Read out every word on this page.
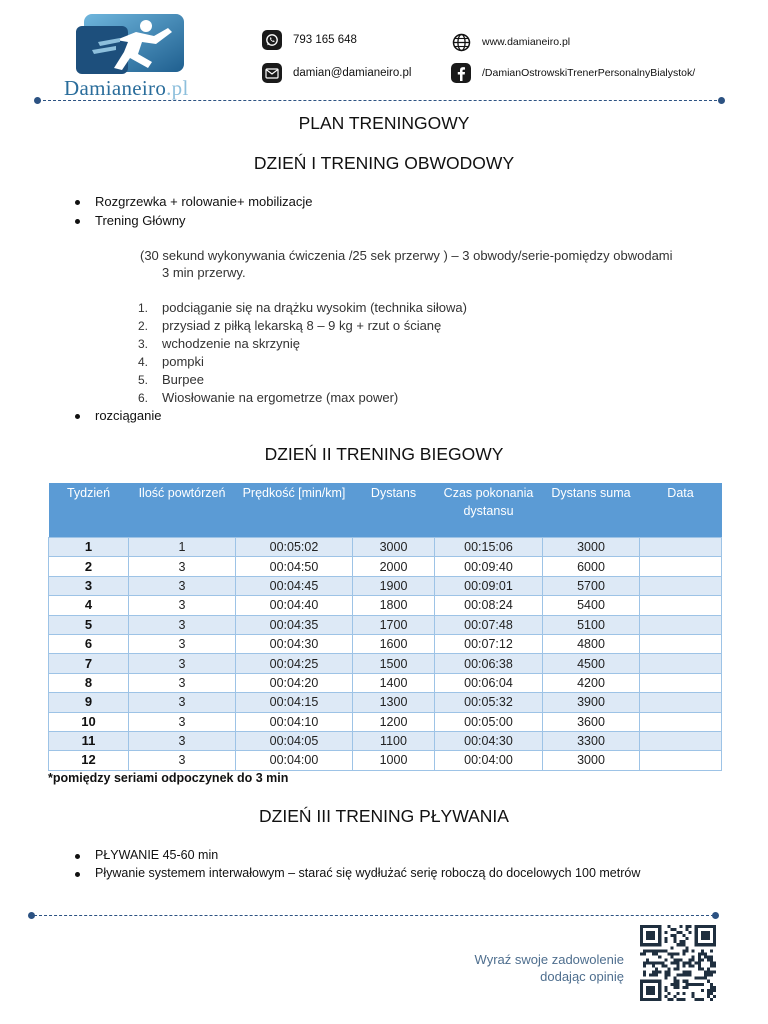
Damianeiro.pl
793 165 648
damian@damianeiro.pl
www.damianeiro.pl
/DamianOstrowskiTrenerPersonalnyBialystok/
PLAN TRENINGOWY
DZIEŃ I TRENING OBWODOWY
Rozgrzewka + rolowanie+ mobilizacje
Trening Główny
(30 sekund wykonywania ćwiczenia /25 sek przerwy ) – 3 obwody/serie-pomiędzy obwodami
3 min przerwy.
1. podciąganie się na drążku wysokim (technika siłowa)
2. przysiad z piłką lekarską 8 – 9 kg + rzut o ścianę
3. wchodzenie na skrzynię
4. pompki
5. Burpee
6. Wiosłowanie na ergometrze (max power)
rozciąganie
DZIEŃ II TRENING BIEGOWY
Tydzień	Ilość powtórzeń	Prędkość [min/km]	Dystans	Czas pokonania dystansu	Dystans suma	Data
1	1	00:05:02	3000	00:15:06	3000	
2	3	00:04:50	2000	00:09:40	6000	
3	3	00:04:45	1900	00:09:01	5700	
4	3	00:04:40	1800	00:08:24	5400	
5	3	00:04:35	1700	00:07:48	5100	
6	3	00:04:30	1600	00:07:12	4800	
7	3	00:04:25	1500	00:06:38	4500	
8	3	00:04:20	1400	00:06:04	4200	
9	3	00:04:15	1300	00:05:32	3900	
10	3	00:04:10	1200	00:05:00	3600	
11	3	00:04:05	1100	00:04:30	3300	
12	3	00:04:00	1000	00:04:00	3000	
*pomiędzy seriami odpoczynek do 3 min
DZIEŃ III TRENING PŁYWANIA
PŁYWANIE 45-60 min
Pływanie systemem interwałowym – starać się wydłużać serię roboczą do docelowych 100 metrów
Wyraź swoje zadowolenie
dodając opinię
